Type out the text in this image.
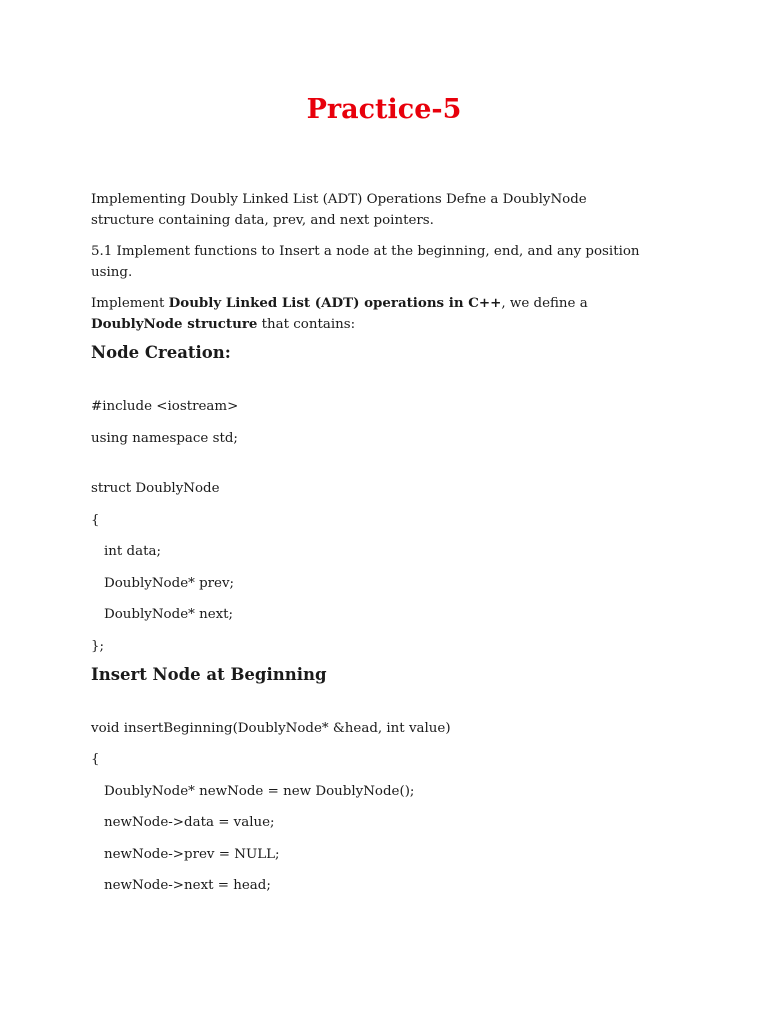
Practice-5

Implementing Doubly Linked List (ADT) Operations Defne a DoublyNode structure containing data, prev, and next pointers.

5.1 Implement functions to Insert a node at the beginning, end, and any position using.

Implement Doubly Linked List (ADT) operations in C++, we define a DoublyNode structure that contains:

Node Creation:
#include <iostream>
using namespace std;
struct DoublyNode
{
int data;
DoublyNode* prev;
DoublyNode* next;
};
Insert Node at Beginning
void insertBeginning(DoublyNode* &head, int value)
{
DoublyNode* newNode = new DoublyNode();
newNode->data = value;
newNode->prev = NULL;
newNode->next = head;
